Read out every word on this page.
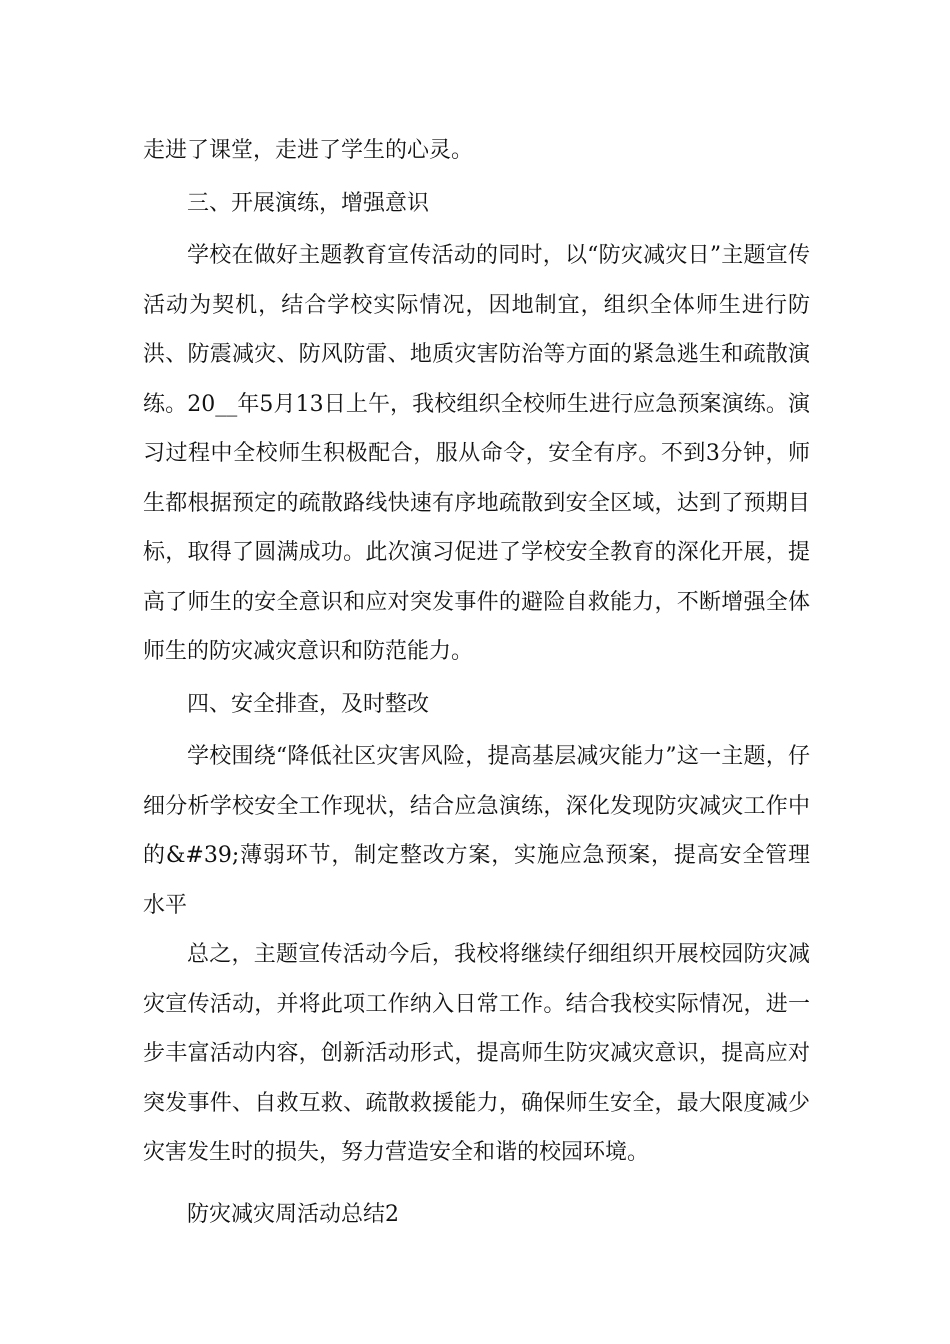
走进了课堂，走进了学生的心灵。

三、开展演练，增强意识

学校在做好主题教育宣传活动的同时，以“防灾减灾日”主题宣传活动为契机，结合学校实际情况，因地制宜，组织全体师生进行防洪、防震减灾、防风防雷、地质灾害防治等方面的紧急逃生和疏散演练。20__年5月13日上午，我校组织全校师生进行应急预案演练。演习过程中全校师生积极配合，服从命令，安全有序。不到3分钟，师生都根据预定的疏散路线快速有序地疏散到安全区域，达到了预期目标，取得了圆满成功。此次演习促进了学校安全教育的深化开展，提高了师生的安全意识和应对突发事件的避险自救能力，不断增强全体师生的防灾减灾意识和防范能力。

四、安全排查，及时整改

学校围绕“降低社区灾害风险，提高基层减灾能力”这一主题，仔细分析学校安全工作现状，结合应急演练，深化发现防灾减灾工作中的&#39;薄弱环节，制定整改方案，实施应急预案，提高安全管理水平

总之，主题宣传活动今后，我校将继续仔细组织开展校园防灾减灾宣传活动，并将此项工作纳入日常工作。结合我校实际情况，进一步丰富活动内容，创新活动形式，提高师生防灾减灾意识，提高应对突发事件、自救互救、疏散救援能力，确保师生安全，最大限度减少灾害发生时的损失，努力营造安全和谐的校园环境。

防灾减灾周活动总结2
